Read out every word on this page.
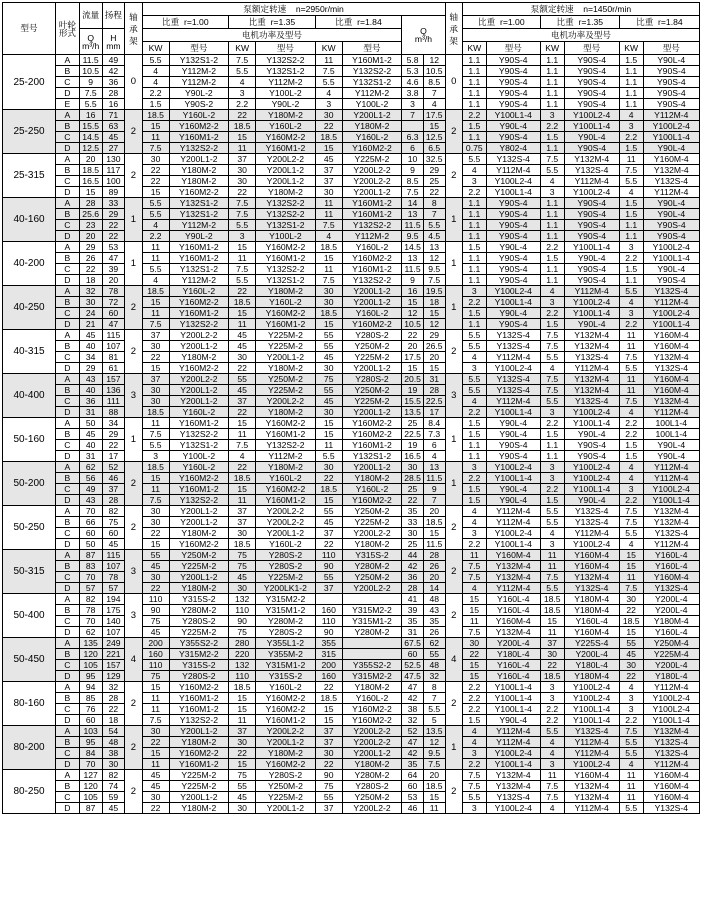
型号	叶轮
形式	流量	扬程	轴
承
架	泵额定转速    n=2950r/min								轴
承
架	泵额定转速    n=1450r/min					
					比重  r=1.00		比重  r=1.35		比重  r=1.84		Q
m³/h			比重  r=1.00		比重  r=1.35		比重  r=1.84	
		Q
m³/h	H
mm		电机功率及型号									电机功率及型号					
					KW	型号	KW	型号	KW	型号				KW	型号	KW	型号	KW	型号
25-200	A	11.5	49	0	5.5	Y132S1-2	7.5	Y132S2-2	11	Y160M1-2	5.8	12	0	1.1	Y90S-4	1.1	Y90S-4	1.5	Y90L-4
	B	10.5	42		4	Y112M-2	5.5	Y132S1-2	7.5	Y132S2-2	5.3	10.5		1.1	Y90S-4	1.1	Y90S-4	1.1	Y90S-4
	C	9	36		4	Y112M-2	4	Y112M-2	5.5	Y132S1-2	4.6	8.5		1.1	Y90S-4	1.1	Y90S-4	1.1	Y90S-4
	D	7.5	28		2.2	Y90L-2	3	Y100L-2	4	Y112M-2	3.8	7		1.1	Y90S-4	1.1	Y90S-4	1.1	Y90S-4
	E	5.5	16		1.5	Y90S-2	2.2	Y90L-2	3	Y100L-2	3	4		1.1	Y90S-4	1.1	Y90S-4	1.1	Y90S-4
25-250	A	16	71	2	18.5	Y160L-2	22	Y180M-2	30	Y200L1-2	7	17.5	2	2.2	Y100L1-4	3	Y100L2-4	4	Y112M-4
	B	15.5	63		15	Y160M2-2	18.5	Y160L-2	22	Y180M-2		15		1.5	Y90L-4	2.2	Y100L1-4	3	Y100L2-4
	C	14.5	45		11	Y160M1-2	15	Y160M2-2	18.5	Y160L-2	6.3	12.5		1.1	Y90S-4	1.5	Y90L-4	2.2	Y100L1-4
	D	12.5	27		7.5	Y132S2-2	11	Y160M1-2	15	Y160M2-2	6	6.5		0.75	Y802-4	1.1	Y90S-4	1.5	Y90L-4
25-315	A	20	130	2	30	Y200L1-2	37	Y200L2-2	45	Y225M-2	10	32.5	2	5.5	Y132S-4	7.5	Y132M-4	11	Y160M-4
	B	18.5	117		22	Y180M-2	30	Y200L1-2	37	Y200L2-2	9	29		4	Y112M-4	5.5	Y132S-4	7.5	Y132M-4
	C	16.5	100		22	Y180M-2	30	Y200L1-2	37	Y200L2-2	8.5	25		3	Y100L2-4	4	Y112M-4	5.5	Y132S-4
	D	15	89		15	Y160M2-2	22	Y180M-2	30	Y200L1-2	7.5	22		2.2	Y100L1-4	3	Y100L2-4	4	Y112M-4
40-160	A	28	33	1	5.5	Y132S1-2	7.5	Y132S2-2	11	Y160M1-2	14	8	1	1.1	Y90S-4	1.1	Y90S-4	1.5	Y90L-4
	B	25.6	29		5.5	Y132S1-2	7.5	Y132S2-2	11	Y160M1-2	13	7		1.1	Y90S-4	1.1	Y90S-4	1.5	Y90L-4
	C	23	22		4	Y112M-2	5.5	Y132S1-2	7.5	Y132S2-2	11.5	5.5		1.1	Y90S-4	1.1	Y90S-4	1.1	Y90S-4
	D	20	22		2.2	Y90L-2	3	Y100L-2	4	Y112M-2	9.5	4.5		1.1	Y90S-4	1.1	Y90S-4	1.1	Y90S-4
40-200	A	29	53	1	11	Y160M1-2	15	Y160M2-2	18.5	Y160L-2	14.5	13	1	1.5	Y90L-4	2.2	Y100L1-4	3	Y100L2-4
	B	26	47		11	Y160M1-2	11	Y160M1-2	15	Y160M2-2	13	12		1.1	Y90S-4	1.5	Y90L-4	2.2	Y100L1-4
	C	22	39		5.5	Y132S1-2	7.5	Y132S2-2	11	Y160M1-2	11.5	9.5		1.1	Y90S-4	1.1	Y90S-4	1.5	Y90L-4
	D	18	20		4	Y112M-2	5.5	Y132S1-2	7.5	Y132S2-2	9	7.5		1.1	Y90S-4	1.1	Y90S-4	1.1	Y90S-4
40-250	A	32	78	2	18.5	Y160L-2	22	Y180M-2	30	Y200L1-2	16	19.5	1	3	Y100L2-4	4	Y112M-4	5.5	Y132S-4
	B	30	72		15	Y160M2-2	18.5	Y160L-2	30	Y200L1-2	15	18		2.2	Y100L1-4	3	Y100L2-4	4	Y112M-4
	C	24	60		11	Y160M1-2	15	Y160M2-2	18.5	Y160L-2	12	15		1.5	Y90L-4	2.2	Y100L1-4	3	Y100L2-4
	D	21	47		7.5	Y132S2-2	11	Y160M1-2	15	Y160M2-2	10.5	12		1.1	Y90S-4	1.5	Y90L-4	2.2	Y100L1-4
40-315	A	45	115	2	37	Y200L2-2	45	Y225M-2	55	Y280S-2	22	29	2	5.5	Y132S-4	7.5	Y132M-4	11	Y160M-4
	B	40	107		30	Y200L1-2	45	Y225M-2	55	Y250M-2	20	26.5		5.5	Y132S-4	7.5	Y132M-4	11	Y160M-4
	C	34	81		22	Y180M-2	30	Y200L1-2	45	Y225M-2	17.5	20		4	Y112M-4	5.5	Y132S-4	7.5	Y132M-4
	D	29	61		15	Y160M2-2	22	Y180M-2	30	Y200L1-2	15	15		3	Y100L2-4	4	Y112M-4	5.5	Y132S-4
40-400	A	43	157	3	37	Y200L2-2	55	Y250M-2	75	Y280S-2	20.5	31	3	5.5	Y132S-4	7.5	Y132M-4	11	Y160M-4
	B	40	136		30	Y200L1-2	45	Y225M-2	55	Y250M-2	19	28		5.5	Y132S-4	7.5	Y132M-4	11	Y160M-4
	C	36	111		30	Y200L1-2	37	Y200L2-2	45	Y225M-2	15.5	22.5		4	Y112M-4	5.5	Y132S-4	7.5	Y132M-4
	D	31	88		18.5	Y160L-2	22	Y180M-2	30	Y200L1-2	13.5	17		2.2	Y100L1-4	3	Y100L2-4	4	Y112M-4
50-160	A	50	34	1	11	Y160M1-2	15	Y160M2-2	15	Y160M2-2	25	8.4	1	1.5	Y90L-4	2.2	Y100L1-4	2.2	100L1-4
	B	45	29		7.5	Y132S2-2	11	Y160M1-2	15	Y160M2-2	22.5	7.3		1.5	Y90L-4	1.5	Y90L-4	2.2	100L1-4
	C	40	22		5.5	Y132S1-2	7.5	Y132S2-2	11	Y160M1-2	19	6		1.1	Y90S-4	1.1	Y90S-4	1.5	Y90L-4
	D	31	17		3	Y100L-2	4	Y112M-2	5.5	Y132S1-2	16.5	4		1.1	Y90S-4	1.1	Y90S-4	1.5	Y90L-4
50-200	A	62	52	2	18.5	Y160L-2	22	Y180M-2	30	Y200L1-2	30	13	1	3	Y100L2-4	3	Y100L2-4	4	Y112M-4
	B	56	46		15	Y160M2-2	18.5	Y160L-2	22	Y180M-2	28.5	11.5		2.2	Y100L1-4	3	Y100L2-4	4	Y112M-4
	C	49	37		11	Y160M1-2	15	Y160M2-2	18.5	Y160L-2	25	9		1.5	Y90L-4	2.2	Y100L1-4	3	Y100L2-4
	D	43	28		7.5	Y132S2-2	11	Y160M1-2	15	Y160M2-2	22	7		1.5	Y90L-4	1.5	Y90L-4	2.2	Y100L1-4
50-250	A	70	82	2	30	Y200L1-2	37	Y200L2-2	55	Y250M-2	35	20	2	4	Y112M-4	5.5	Y132S-4	7.5	Y132M-4
	B	66	75		30	Y200L1-2	37	Y200L2-2	45	Y225M-2	33	18.5		4	Y112M-4	5.5	Y132S-4	7.5	Y132M-4
	C	60	60		22	Y180M-2	30	Y200L1-2	37	Y200L2-2	30	15		3	Y100L2-4	4	Y112M-4	5.5	Y132S-4
	D	50	45		15	Y160M2-2	18.5	Y160L-2	22	Y180M-2	25	11.5		2.2	Y100L1-4	3	Y100L2-4	4	Y112M-4
50-315	A	87	115	3	55	Y250M-2	75	Y280S-2	110	Y315S-2	44	28	2	11	Y160M-4	11	Y160M-4	15	Y160L-4
	B	83	107		45	Y225M-2	75	Y280S-2	90	Y280M-2	42	26		7.5	Y132M-4	11	Y160M-4	15	Y160L-4
	C	70	78		30	Y200L1-2	45	Y225M-2	55	Y250M-2	36	20		7.5	Y132M-4	7.5	Y132M-4	11	Y160M-4
	D	57	57		22	Y180M-2	30	Y200LK1-2	37	Y200L2-2	28	14		4	Y112M-4	5.5	Y132S-4	7.5	Y132S-4
50-400	A	82	194	3	110	Y315S-2	132	Y315M2-2			41	48	2	15	Y160L-4	18.5	Y180M-4	30	Y200L-4
	B	78	175		90	Y280M-2	110	Y315M1-2	160	Y315M2-2	39	43		15	Y160L-4	18.5	Y180M-4	22	Y200L-4
	C	70	140		75	Y280S-2	90	Y280M-2	110	Y315M1-2	35	35		11	Y160M-4	15	Y160L-4	18.5	Y180M-4
	D	62	107		45	Y225M-2	75	Y280S-2	90	Y280M-2	31	26		7.5	Y132M-4	11	Y160M-4	15	Y160L-4
50-450	A	135	249	4	200	Y355S2-2	280	Y355L1-2	355		67.5	62	4	30	Y200L-4	37	Y225S-4	55	Y250M-4
	B	120	221		160	Y315M2-2	220	Y355M-2	315		60	55		22	Y180L-4	30	Y200L-4	45	Y225M-4
	C	105	157		110	Y315S-2	132	Y315M1-2	200	Y355S2-2	52.5	48		15	Y160L-4	22	Y180L-4	30	Y200L-4
	D	95	129		75	Y280S-2	110	Y315S-2	160	Y315M2-2	47.5	32		15	Y160L-4	18.5	Y180M-4	22	Y180L-4
80-160	A	94	32	2	15	Y160M2-2	18.5	Y160L-2	22	Y180M-2	47	8	2	2.2	Y100L1-4	3	Y100L2-4	4	Y112M-4
	B	85	28		11	Y160M1-2	15	Y160M2-2	18.5	Y160L-2	42	7		2.2	Y100L1-4	3	Y100L2-4	3	Y100L2-4
	C	76	22		11	Y160M1-2	15	Y160M2-2	15	Y160M2-2	38	5.5		2.2	Y100L1-4	2.2	Y100L1-4	3	Y100L2-4
	D	60	18		7.5	Y132S2-2	11	Y160M1-2	15	Y160M2-2	32	5		1.5	Y90L-4	2.2	Y100L1-4	2.2	Y100L1-4
80-200	A	103	54	2	30	Y200L1-2	37	Y200L2-2	37	Y200L2-2	52	13.5	1	4	Y112M-4	5.5	Y132S-4	7.5	Y132M-4
	B	95	48		22	Y180M-2	30	Y200L1-2	37	Y200L2-2	47	12		4	Y112M-4	4	Y112M-4	5.5	Y132S-4
	C	84	38		15	Y160M2-2	22	Y180M-2	30	Y200L1-2	42	9.5		3	Y100L2-4	4	Y112M-4	5.5	Y132S-4
	D	70	30		11	Y160M1-2	15	Y160M2-2	22	Y180M-2	35	7.5		2.2	Y100L1-4	3	Y100L2-4	4	Y112M-4
80-250	A	127	82	2	45	Y225M-2	75	Y280S-2	90	Y280M-2	64	20	2	7.5	Y132M-4	11	Y160M-4	11	Y160M-4
	B	120	74		45	Y225M-2	55	Y250M-2	75	Y280S-2	60	18.5		7.5	Y132M-4	7.5	Y132M-4	11	Y160M-4
	C	105	59		30	Y200L1-2	45	Y225M-2	55	Y250M-2	53	15		5.5	Y132S-4	7.5	Y132M-4	11	Y160M-4
	D	87	45		22	Y180M-2	30	Y200L1-2	37	Y200L2-2	46	11		3	Y100L2-4	4	Y112M-4	5.5	Y132S-4
